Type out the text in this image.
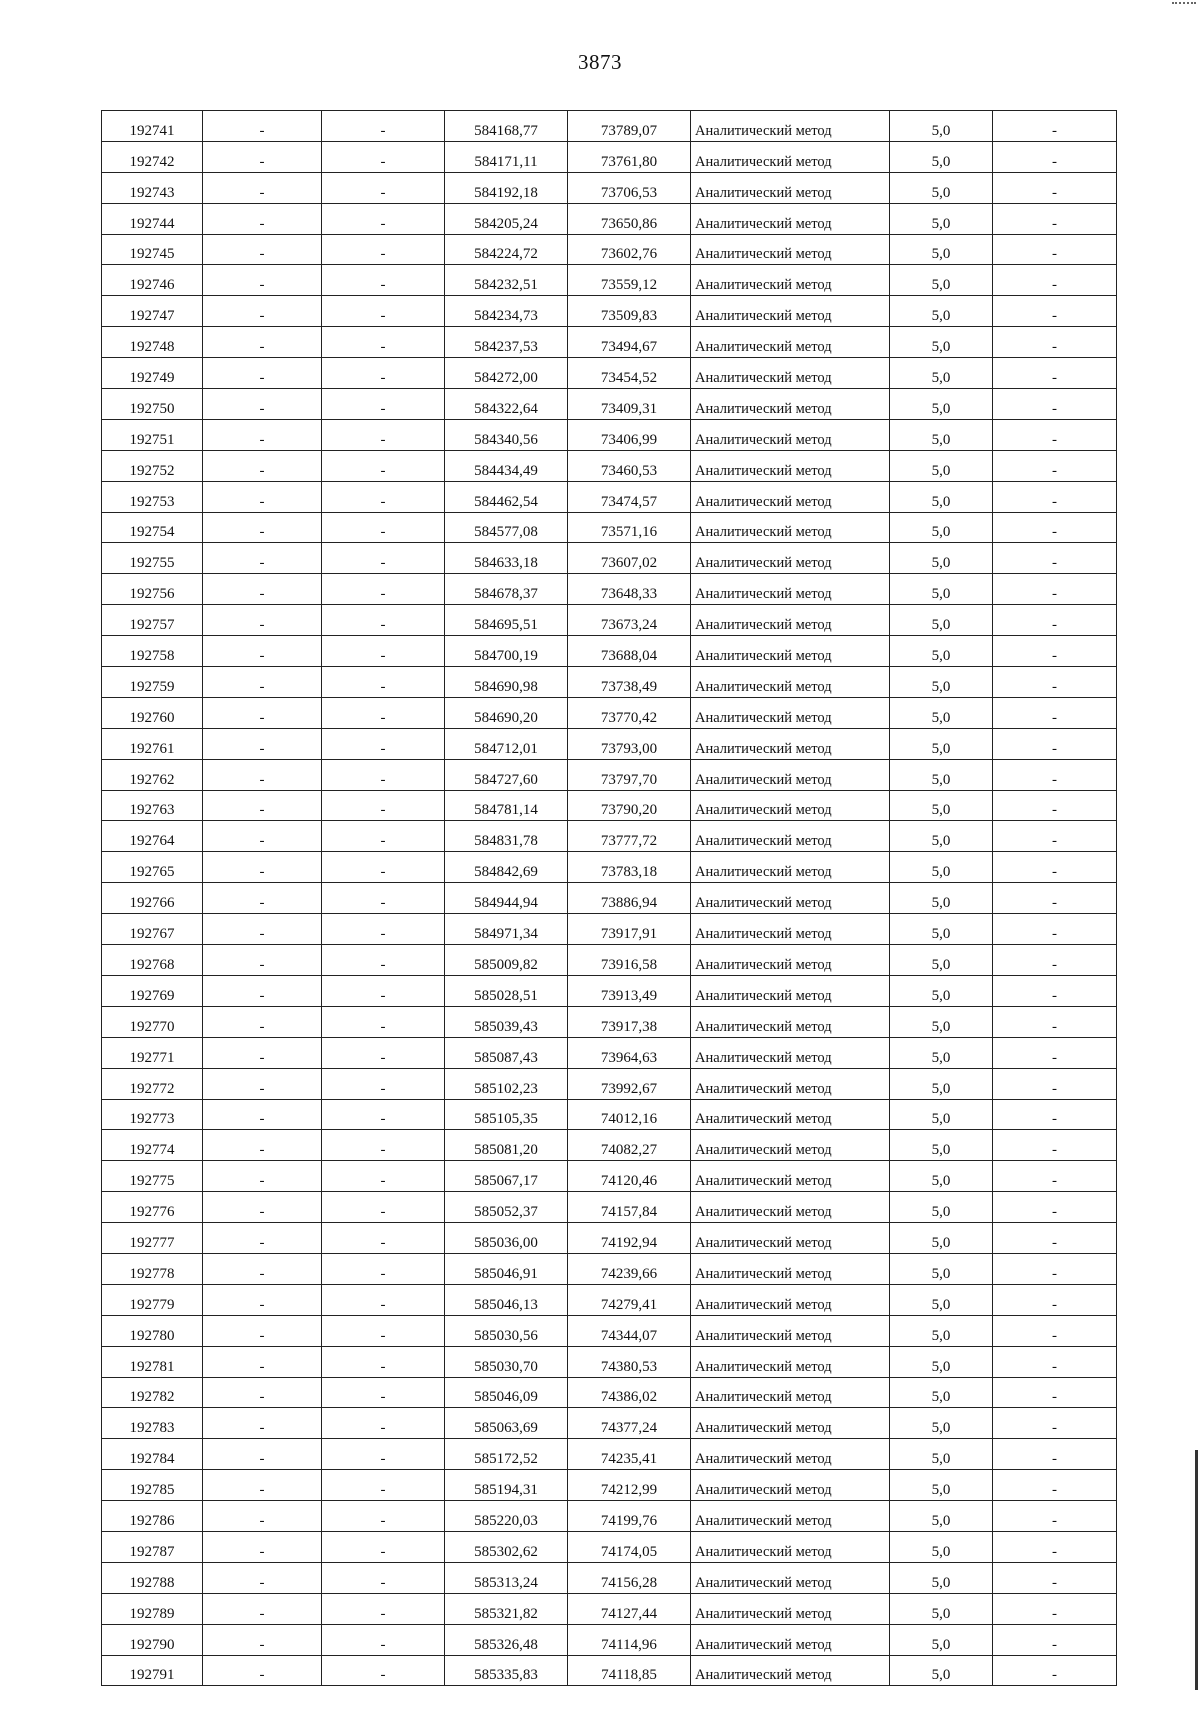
3873
192741	-	-	584168,77	73789,07	Аналитический метод	5,0	-
192742	-	-	584171,11	73761,80	Аналитический метод	5,0	-
192743	-	-	584192,18	73706,53	Аналитический метод	5,0	-
192744	-	-	584205,24	73650,86	Аналитический метод	5,0	-
192745	-	-	584224,72	73602,76	Аналитический метод	5,0	-
192746	-	-	584232,51	73559,12	Аналитический метод	5,0	-
192747	-	-	584234,73	73509,83	Аналитический метод	5,0	-
192748	-	-	584237,53	73494,67	Аналитический метод	5,0	-
192749	-	-	584272,00	73454,52	Аналитический метод	5,0	-
192750	-	-	584322,64	73409,31	Аналитический метод	5,0	-
192751	-	-	584340,56	73406,99	Аналитический метод	5,0	-
192752	-	-	584434,49	73460,53	Аналитический метод	5,0	-
192753	-	-	584462,54	73474,57	Аналитический метод	5,0	-
192754	-	-	584577,08	73571,16	Аналитический метод	5,0	-
192755	-	-	584633,18	73607,02	Аналитический метод	5,0	-
192756	-	-	584678,37	73648,33	Аналитический метод	5,0	-
192757	-	-	584695,51	73673,24	Аналитический метод	5,0	-
192758	-	-	584700,19	73688,04	Аналитический метод	5,0	-
192759	-	-	584690,98	73738,49	Аналитический метод	5,0	-
192760	-	-	584690,20	73770,42	Аналитический метод	5,0	-
192761	-	-	584712,01	73793,00	Аналитический метод	5,0	-
192762	-	-	584727,60	73797,70	Аналитический метод	5,0	-
192763	-	-	584781,14	73790,20	Аналитический метод	5,0	-
192764	-	-	584831,78	73777,72	Аналитический метод	5,0	-
192765	-	-	584842,69	73783,18	Аналитический метод	5,0	-
192766	-	-	584944,94	73886,94	Аналитический метод	5,0	-
192767	-	-	584971,34	73917,91	Аналитический метод	5,0	-
192768	-	-	585009,82	73916,58	Аналитический метод	5,0	-
192769	-	-	585028,51	73913,49	Аналитический метод	5,0	-
192770	-	-	585039,43	73917,38	Аналитический метод	5,0	-
192771	-	-	585087,43	73964,63	Аналитический метод	5,0	-
192772	-	-	585102,23	73992,67	Аналитический метод	5,0	-
192773	-	-	585105,35	74012,16	Аналитический метод	5,0	-
192774	-	-	585081,20	74082,27	Аналитический метод	5,0	-
192775	-	-	585067,17	74120,46	Аналитический метод	5,0	-
192776	-	-	585052,37	74157,84	Аналитический метод	5,0	-
192777	-	-	585036,00	74192,94	Аналитический метод	5,0	-
192778	-	-	585046,91	74239,66	Аналитический метод	5,0	-
192779	-	-	585046,13	74279,41	Аналитический метод	5,0	-
192780	-	-	585030,56	74344,07	Аналитический метод	5,0	-
192781	-	-	585030,70	74380,53	Аналитический метод	5,0	-
192782	-	-	585046,09	74386,02	Аналитический метод	5,0	-
192783	-	-	585063,69	74377,24	Аналитический метод	5,0	-
192784	-	-	585172,52	74235,41	Аналитический метод	5,0	-
192785	-	-	585194,31	74212,99	Аналитический метод	5,0	-
192786	-	-	585220,03	74199,76	Аналитический метод	5,0	-
192787	-	-	585302,62	74174,05	Аналитический метод	5,0	-
192788	-	-	585313,24	74156,28	Аналитический метод	5,0	-
192789	-	-	585321,82	74127,44	Аналитический метод	5,0	-
192790	-	-	585326,48	74114,96	Аналитический метод	5,0	-
192791	-	-	585335,83	74118,85	Аналитический метод	5,0	-
